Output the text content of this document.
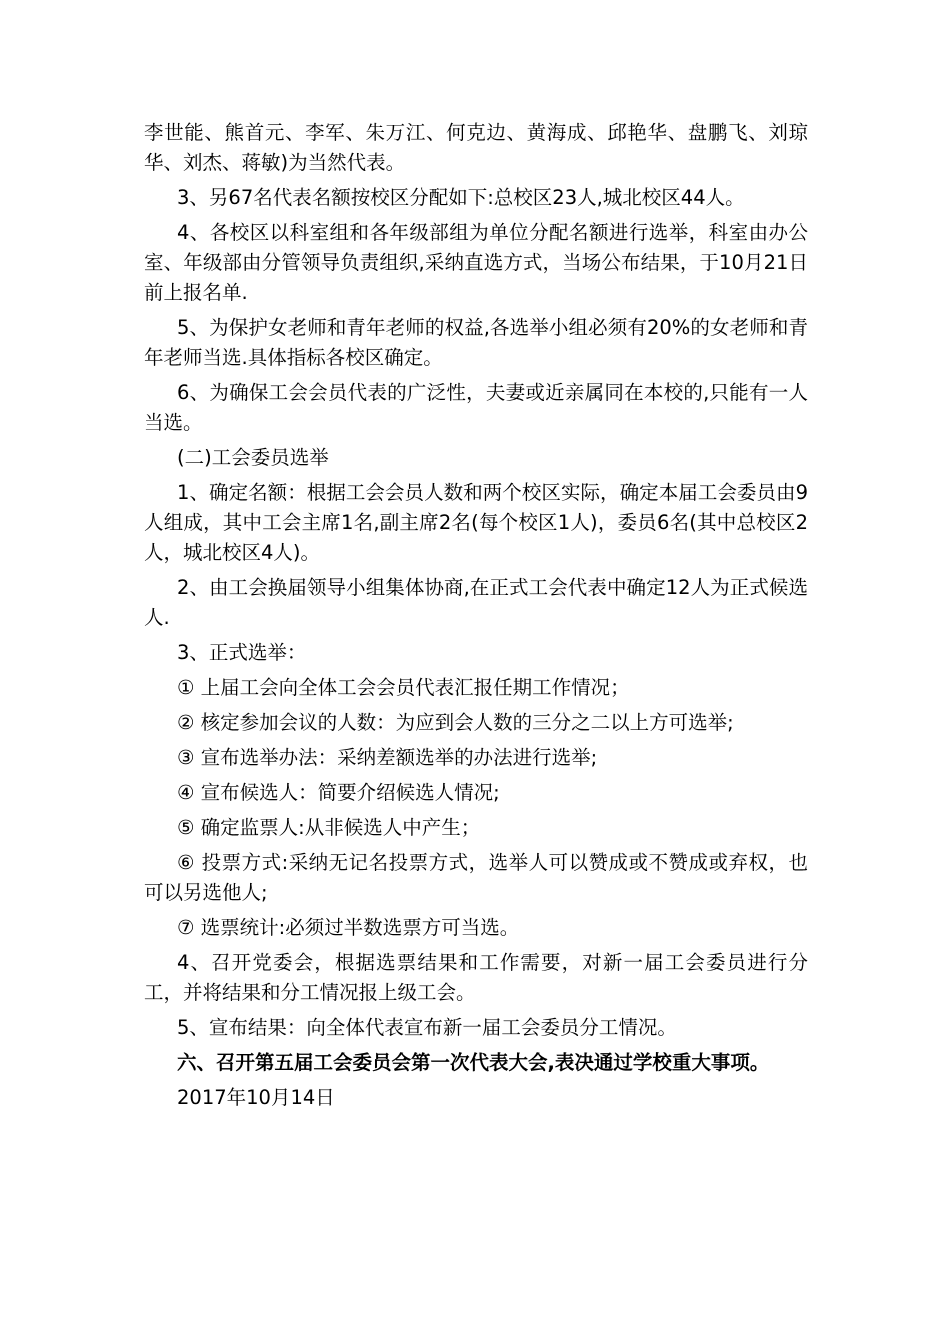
李世能、熊首元、李军、朱万江、何克边、黄海成、邱艳华、盘鹏飞、刘琼华、刘杰、蒋敏)为当然代表。

3、另67名代表名额按校区分配如下:总校区23人,城北校区44人。

4、各校区以科室组和各年级部组为单位分配名额进行选举，科室由办公室、年级部由分管领导负责组织,采纳直选方式，当场公布结果，于10月21日前上报名单.

5、为保护女老师和青年老师的权益,各选举小组必须有20%的女老师和青年老师当选.具体指标各校区确定。

6、为确保工会会员代表的广泛性，夫妻或近亲属同在本校的,只能有一人当选。

(二)工会委员选举

1、确定名额：根据工会会员人数和两个校区实际，确定本届工会委员由9人组成，其中工会主席1名,副主席2名(每个校区1人)，委员6名(其中总校区2人，城北校区4人)。

2、由工会换届领导小组集体协商,在正式工会代表中确定12人为正式候选人.

3、正式选举：

① 上届工会向全体工会会员代表汇报任期工作情况；

② 核定参加会议的人数：为应到会人数的三分之二以上方可选举;

③ 宣布选举办法：采纳差额选举的办法进行选举;

④ 宣布候选人：简要介绍候选人情况;

⑤ 确定监票人:从非候选人中产生；

⑥ 投票方式:采纳无记名投票方式，选举人可以赞成或不赞成或弃权，也可以另选他人;

⑦ 选票统计:必须过半数选票方可当选。

4、召开党委会，根据选票结果和工作需要，对新一届工会委员进行分工，并将结果和分工情况报上级工会。

5、宣布结果：向全体代表宣布新一届工会委员分工情况。

六、召开第五届工会委员会第一次代表大会,表决通过学校重大事项。

2017年10月14日
